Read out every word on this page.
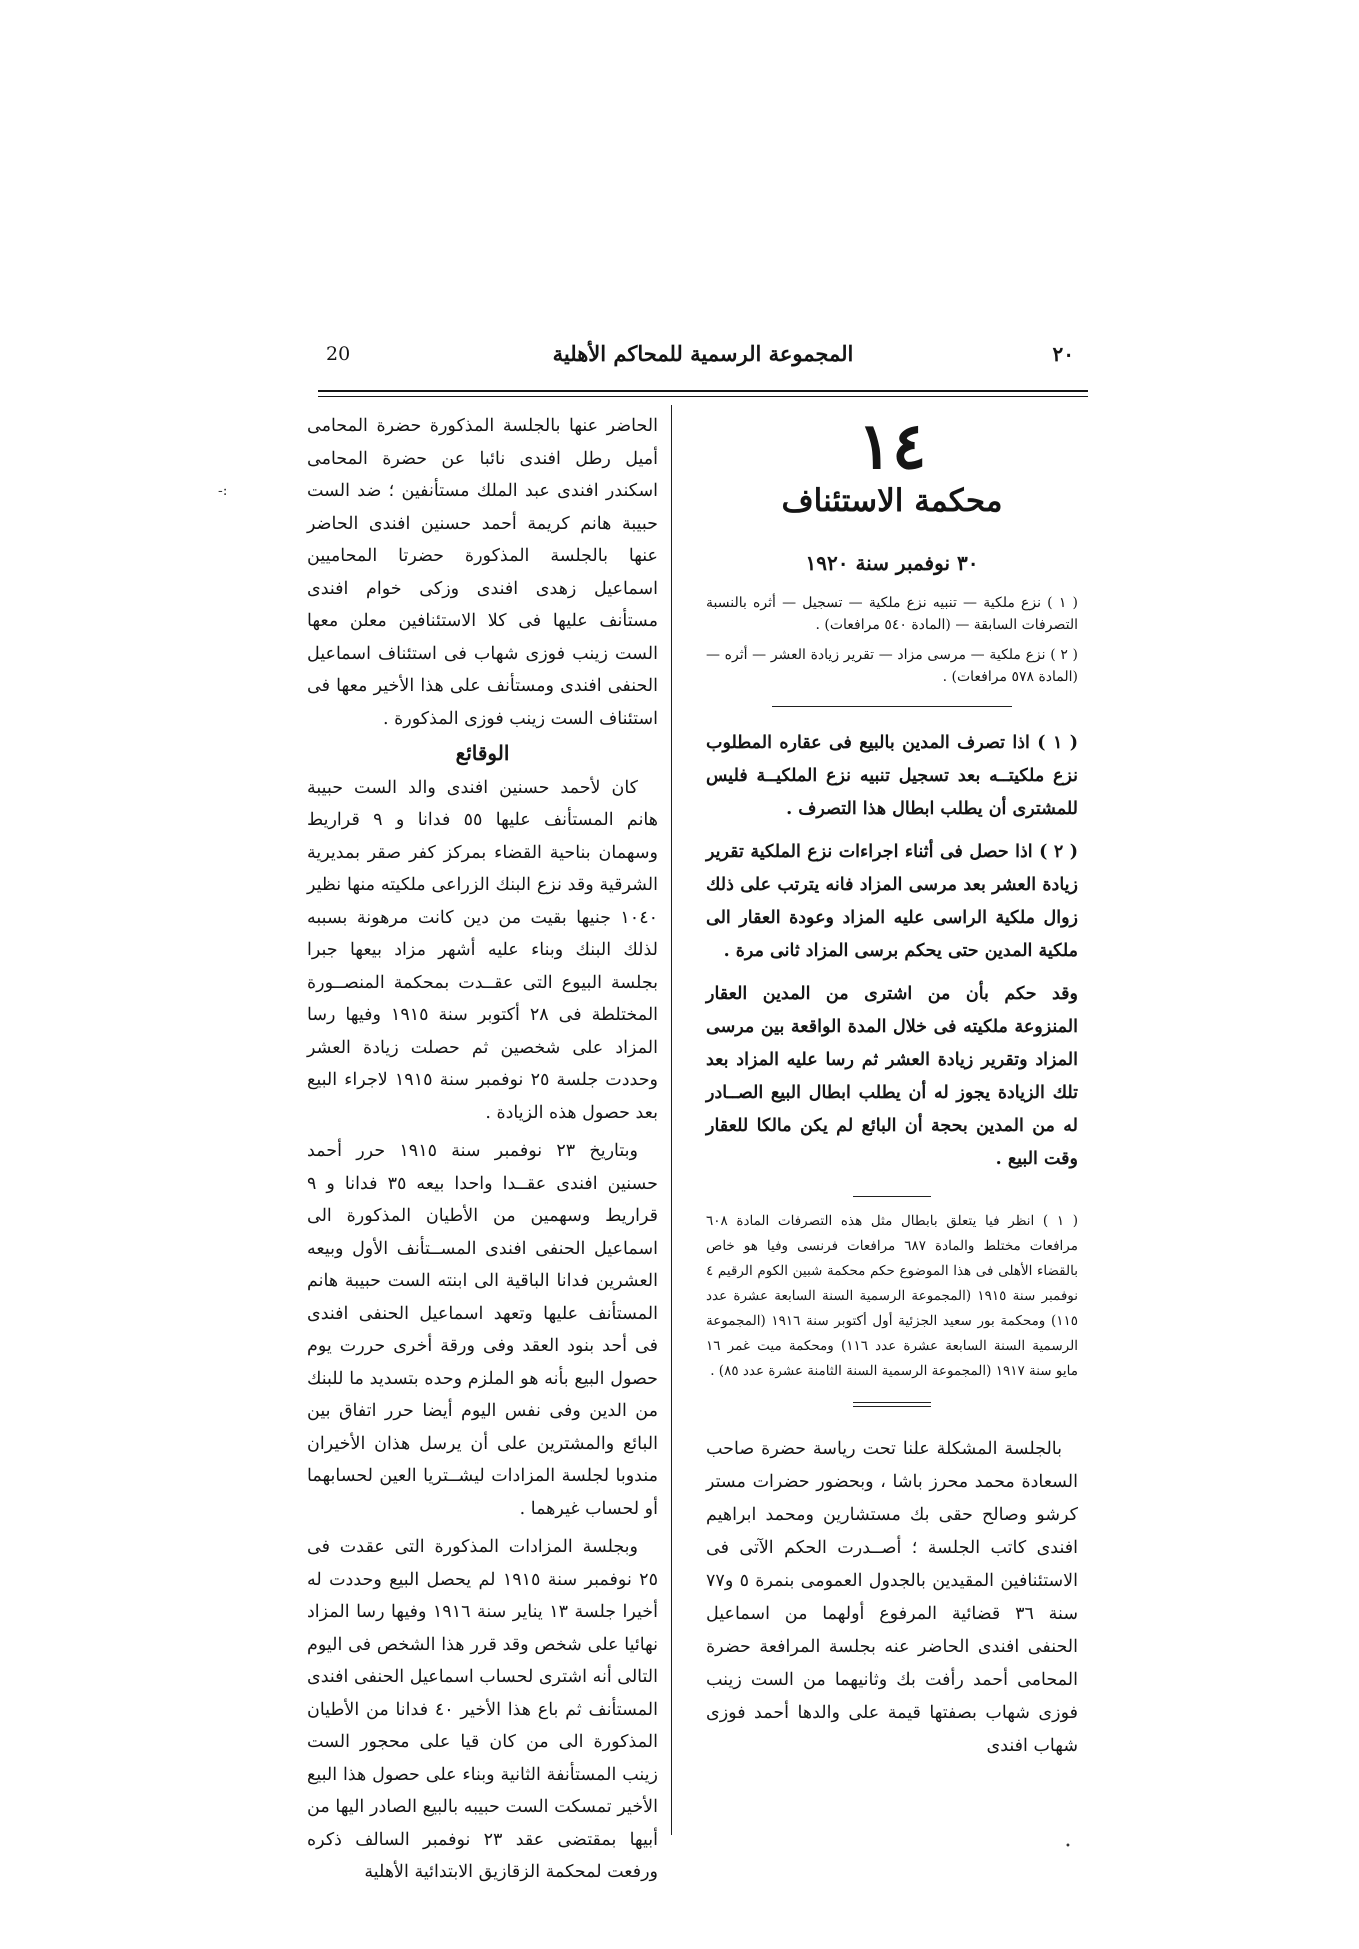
20	المجموعة الرسمية للمحاكم الأهلية	٢٠
١٤
محكمة الاستئناف
٣٠ نوفمبر سنة ١٩٢٠

( ١ ) نزع ملكية — تنبيه نزع ملكية — تسجيل — أثره بالنسبة التصرفات السابقة — (المادة ٥٤٠ مرافعات) .

( ٢ ) نزع ملكية — مرسى مزاد — تقرير زيادة العشر — أثره — (المادة ٥٧٨ مرافعات) .

( ١ ) اذا تصرف المدين بالبيع فى عقاره المطلوب نزع ملكيتــه بعد تسجيل تنبيه نزع الملكيــة فليس للمشترى أن يطلب ابطال هذا التصرف .

( ٢ ) اذا حصل فى أثناء اجراءات نزع الملكية تقرير زيادة العشر بعد مرسى المزاد فانه يترتب على ذلك زوال ملكية الراسى عليه المزاد وعودة العقار الى ملكية المدين حتى يحكم برسى المزاد ثانى مرة .

وقد حكم بأن من اشترى من المدين العقار المنزوعة ملكيته فى خلال المدة الواقعة بين مرسى المزاد وتقرير زيادة العشر ثم رسا عليه المزاد بعد تلك الزيادة يجوز له أن يطلب ابطال البيع الصــادر له من المدين بحجة أن البائع لم يكن مالكا للعقار وقت البيع .

( ١ ) انظر فيا يتعلق بابطال مثل هذه التصرفات المادة ٦٠٨ مرافعات مختلط والمادة ٦٨٧ مرافعات فرنسى وفيا هو خاص بالقضاء الأهلى فى هذا الموضوع حكم محكمة شبين الكوم الرقيم ٤ نوفمبر سنة ١٩١٥ (المجموعة الرسمية السنة السابعة عشرة عدد ١١٥) ومحكمة بور سعيد الجزئية أول أكتوبر سنة ١٩١٦ (المجموعة الرسمية السنة السابعة عشرة عدد ١١٦) ومحكمة ميت غمر ١٦ مايو سنة ١٩١٧ (المجموعة الرسمية السنة الثامنة عشرة عدد ٨٥) .

بالجلسة المشكلة علنا تحت رياسة حضرة صاحب السعادة محمد محرز باشا ، وبحضور حضرات مستر كرشو وصالح حقى بك مستشارين ومحمد ابراهيم افندى كاتب الجلسة ؛ أصــدرت الحكم الآتى فى الاستئنافين المقيدين بالجدول العمومى بنمرة ٥ و٧٧ سنة ٣٦ قضائية المرفوع أولهما من اسماعيل الحنفى افندى الحاضر عنه بجلسة المرافعة حضرة المحامى أحمد رأفت بك وثانيهما من الست زينب فوزى شهاب بصفتها قيمة على والدها أحمد فوزى شهاب افندى

الحاضر عنها بالجلسة المذكورة حضرة المحامى أميل رطل افندى نائبا عن حضرة المحامى اسكندر افندى عبد الملك مستأنفين ؛ ضد الست حبيبة هانم كريمة أحمد حسنين افندى الحاضر عنها بالجلسة المذكورة حضرتا المحاميين اسماعيل زهدى افندى وزكى خوام افندى مستأنف عليها فى كلا الاستئنافين معلن معها الست زينب فوزى شهاب فى استئناف اسماعيل الحنفى افندى ومستأنف على هذا الأخير معها فى استئناف الست زينب فوزى المذكورة .

الوقائع

كان لأحمد حسنين افندى والد الست حبيبة هانم المستأنف عليها ٥٥ فدانا و ٩ قراريط وسهمان بناحية القضاء بمركز كفر صقر بمديرية الشرقية وقد نزع البنك الزراعى ملكيته منها نظير ١٠٤٠ جنيها بقيت من دين كانت مرهونة بسببه لذلك البنك وبناء عليه أشهر مزاد بيعها جبرا بجلسة البيوع التى عقــدت بمحكمة المنصــورة المختلطة فى ٢٨ أكتوبر سنة ١٩١٥ وفيها رسا المزاد على شخصين ثم حصلت زيادة العشر وحددت جلسة ٢٥ نوفمبر سنة ١٩١٥ لاجراء البيع بعد حصول هذه الزيادة .

وبتاريخ ٢٣ نوفمبر سنة ١٩١٥ حرر أحمد حسنين افندى عقــدا واحدا بيعه ٣٥ فدانا و ٩ قراريط وسهمين من الأطيان المذكورة الى اسماعيل الحنفى افندى المســتأنف الأول وبيعه العشرين فدانا الباقية الى ابنته الست حبيبة هانم المستأنف عليها وتعهد اسماعيل الحنفى افندى فى أحد بنود العقد وفى ورقة أخرى حررت يوم حصول البيع بأنه هو الملزم وحده بتسديد ما للبنك من الدين وفى نفس اليوم أيضا حرر اتفاق بين البائع والمشترين على أن يرسل هذان الأخيران مندوبا لجلسة المزادات ليشــتريا العين لحسابهما أو لحساب غيرهما .

وبجلسة المزادات المذكورة التى عقدت فى ٢٥ نوفمبر سنة ١٩١٥ لم يحصل البيع وحددت له أخيرا جلسة ١٣ يناير سنة ١٩١٦ وفيها رسا المزاد نهائيا على شخص وقد قرر هذا الشخص فى اليوم التالى أنه اشترى لحساب اسماعيل الحنفى افندى المستأنف ثم باع هذا الأخير ٤٠ فدانا من الأطيان المذكورة الى من كان قيا على محجور الست زينب المستأنفة الثانية وبناء على حصول هذا البيع الأخير تمسكت الست حبيبه بالبيع الصادر اليها من أبيها بمقتضى عقد ٢٣ نوفمبر السالف ذكره ورفعت لمحكمة الزقازيق الابتدائية الأهلية

-:
•
